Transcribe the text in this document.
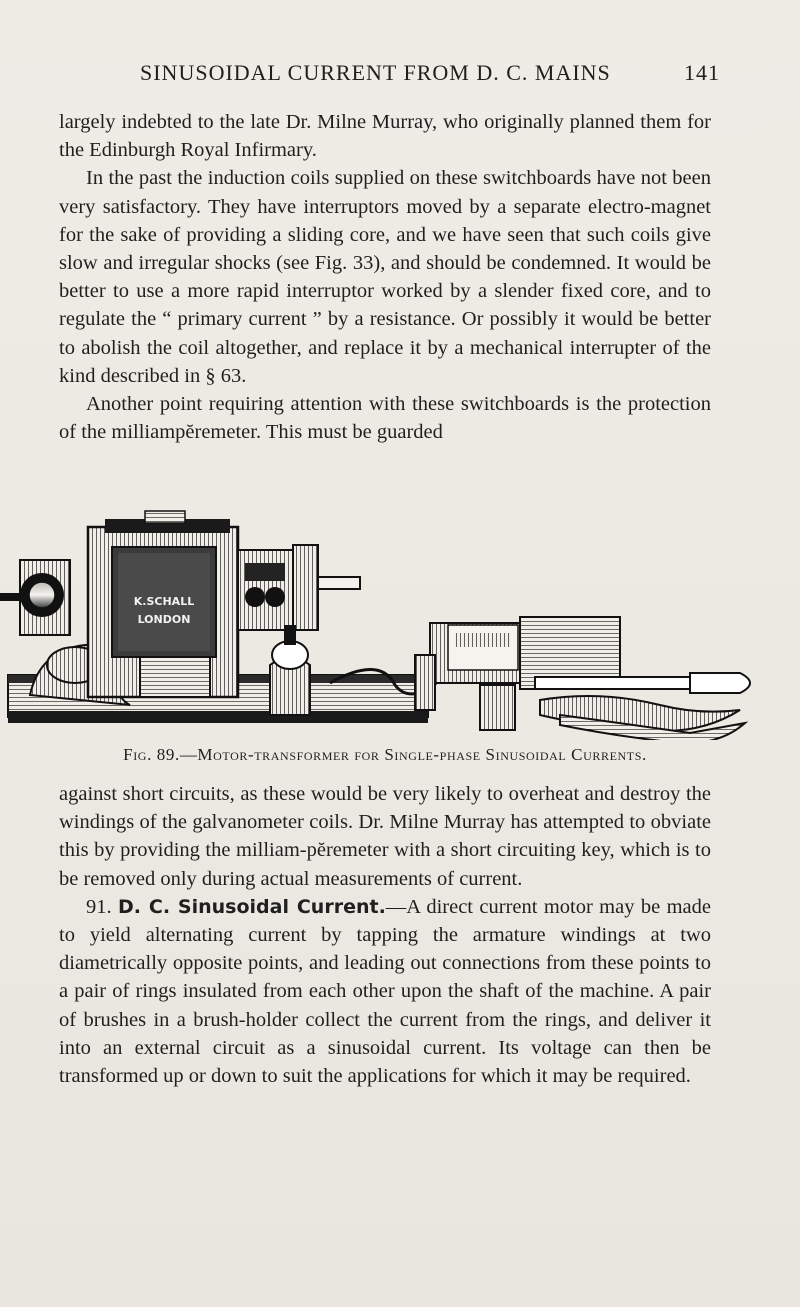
SINUSOIDAL CURRENT FROM D. C. MAINS	141

largely indebted to the late Dr. Milne Murray, who originally planned them for the Edinburgh Royal Infirmary.

In the past the induction coils supplied on these switchboards have not been very satisfactory. They have interruptors moved by a separate electro-magnet for the sake of providing a sliding core, and we have seen that such coils give slow and irregular shocks (see Fig. 33), and should be condemned. It would be better to use a more rapid interruptor worked by a slender fixed core, and to regulate the “ primary current ” by a resistance. Or possibly it would be better to abolish the coil altogether, and replace it by a mechanical interrupter of the kind described in § 63.

Another point requiring attention with these switchboards is the protection of the milliampĕremeter. This must be guarded

K.SCHALL
LONDON
Fig. 89.—Motor-transformer for Single-phase Sinusoidal Currents.

against short circuits, as these would be very likely to overheat and destroy the windings of the galvanometer coils. Dr. Milne Murray has attempted to obviate this by providing the milliam-pĕremeter with a short circuiting key, which is to be removed only during actual measurements of current.

91. D. C. Sinusoidal Current.—A direct current motor may be made to yield alternating current by tapping the armature windings at two diametrically opposite points, and leading out connections from these points to a pair of rings insulated from each other upon the shaft of the machine. A pair of brushes in a brush-holder collect the current from the rings, and deliver it into an external circuit as a sinusoidal current. Its voltage can then be transformed up or down to suit the applications for which it may be required.
